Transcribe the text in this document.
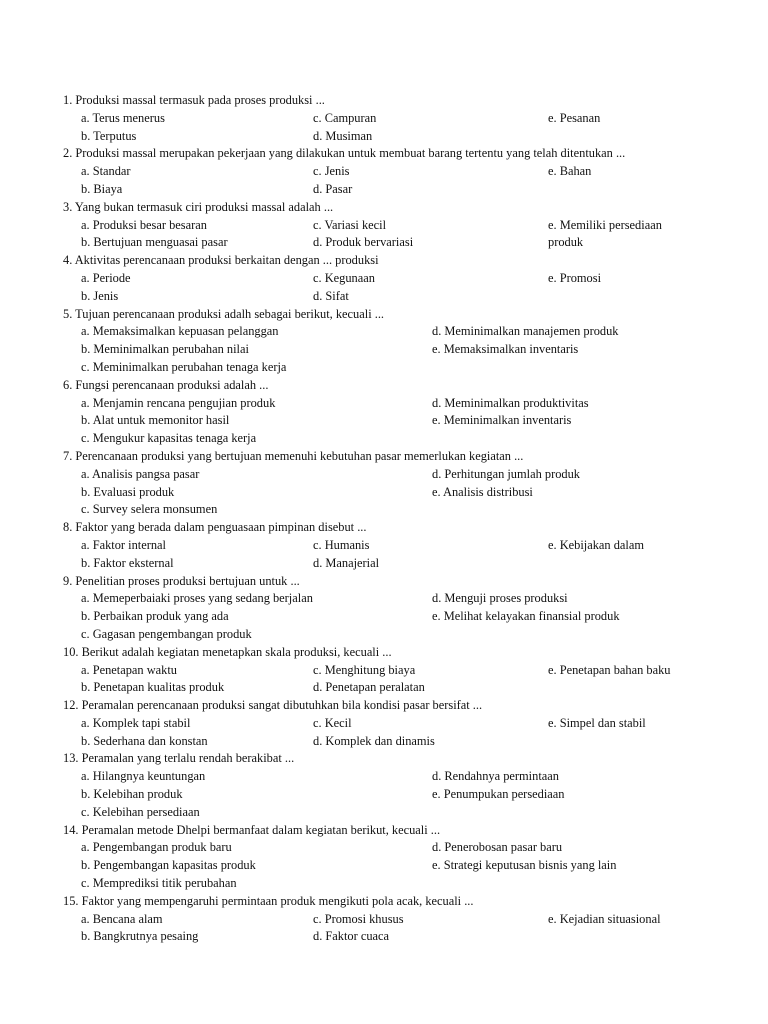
1. Produksi massal termasuk pada proses produksi ...
a. Terus menerus	c. Campuran	e. Pesanan
b. Terputus	d. Musiman
2. Produksi massal merupakan pekerjaan yang dilakukan untuk membuat barang tertentu yang telah ditentukan ...
a. Standar	c. Jenis	e. Bahan
b. Biaya	d. Pasar
3. Yang bukan termasuk ciri produksi massal adalah ...
a. Produksi besar besaran	c. Variasi kecil	e. Memiliki persediaan
b. Bertujuan menguasai pasar	d. Produk bervariasi	produk
4. Aktivitas perencanaan produksi berkaitan dengan ... produksi
a. Periode	c. Kegunaan	e. Promosi
b. Jenis	d. Sifat
5. Tujuan perencanaan produksi adalh sebagai berikut, kecuali ...
a. Memaksimalkan kepuasan pelanggan	d. Meminimalkan manajemen produk
b. Meminimalkan perubahan nilai	e. Memaksimalkan inventaris
c. Meminimalkan perubahan tenaga kerja
6. Fungsi perencanaan produksi adalah ...
a. Menjamin rencana pengujian produk	d. Meminimalkan produktivitas
b. Alat untuk memonitor hasil	e. Meminimalkan inventaris
c. Mengukur kapasitas tenaga kerja
7. Perencanaan produksi yang bertujuan memenuhi kebutuhan pasar memerlukan kegiatan ...
a. Analisis pangsa pasar	d. Perhitungan jumlah produk
b. Evaluasi produk	e. Analisis distribusi
c. Survey selera monsumen
8. Faktor yang berada dalam penguasaan pimpinan disebut ...
a. Faktor internal	c. Humanis	e. Kebijakan dalam
b. Faktor eksternal	d. Manajerial
9. Penelitian proses produksi bertujuan untuk ...
a. Memeperbaiaki proses yang sedang berjalan	d. Menguji proses produksi
b. Perbaikan produk yang ada	e. Melihat kelayakan finansial produk
c. Gagasan pengembangan produk
10. Berikut adalah kegiatan menetapkan skala produksi, kecuali ...
a. Penetapan waktu	c. Menghitung biaya	e. Penetapan bahan baku
b. Penetapan kualitas produk	d. Penetapan peralatan
12. Peramalan perencanaan produksi sangat dibutuhkan bila kondisi pasar bersifat ...
a. Komplek tapi stabil	c. Kecil	e. Simpel dan stabil
b. Sederhana dan konstan	d. Komplek dan dinamis
13. Peramalan yang terlalu rendah berakibat ...
a. Hilangnya keuntungan	d. Rendahnya permintaan
b. Kelebihan produk	e. Penumpukan persediaan
c. Kelebihan persediaan
14. Peramalan metode Dhelpi bermanfaat dalam kegiatan berikut, kecuali ...
a. Pengembangan produk baru	d. Penerobosan pasar baru
b. Pengembangan kapasitas produk	e. Strategi keputusan bisnis yang lain
c. Memprediksi titik perubahan
15. Faktor yang mempengaruhi permintaan produk mengikuti pola acak, kecuali ...
a. Bencana alam	c. Promosi khusus	e. Kejadian situasional
b. Bangkrutnya pesaing	d. Faktor cuaca
